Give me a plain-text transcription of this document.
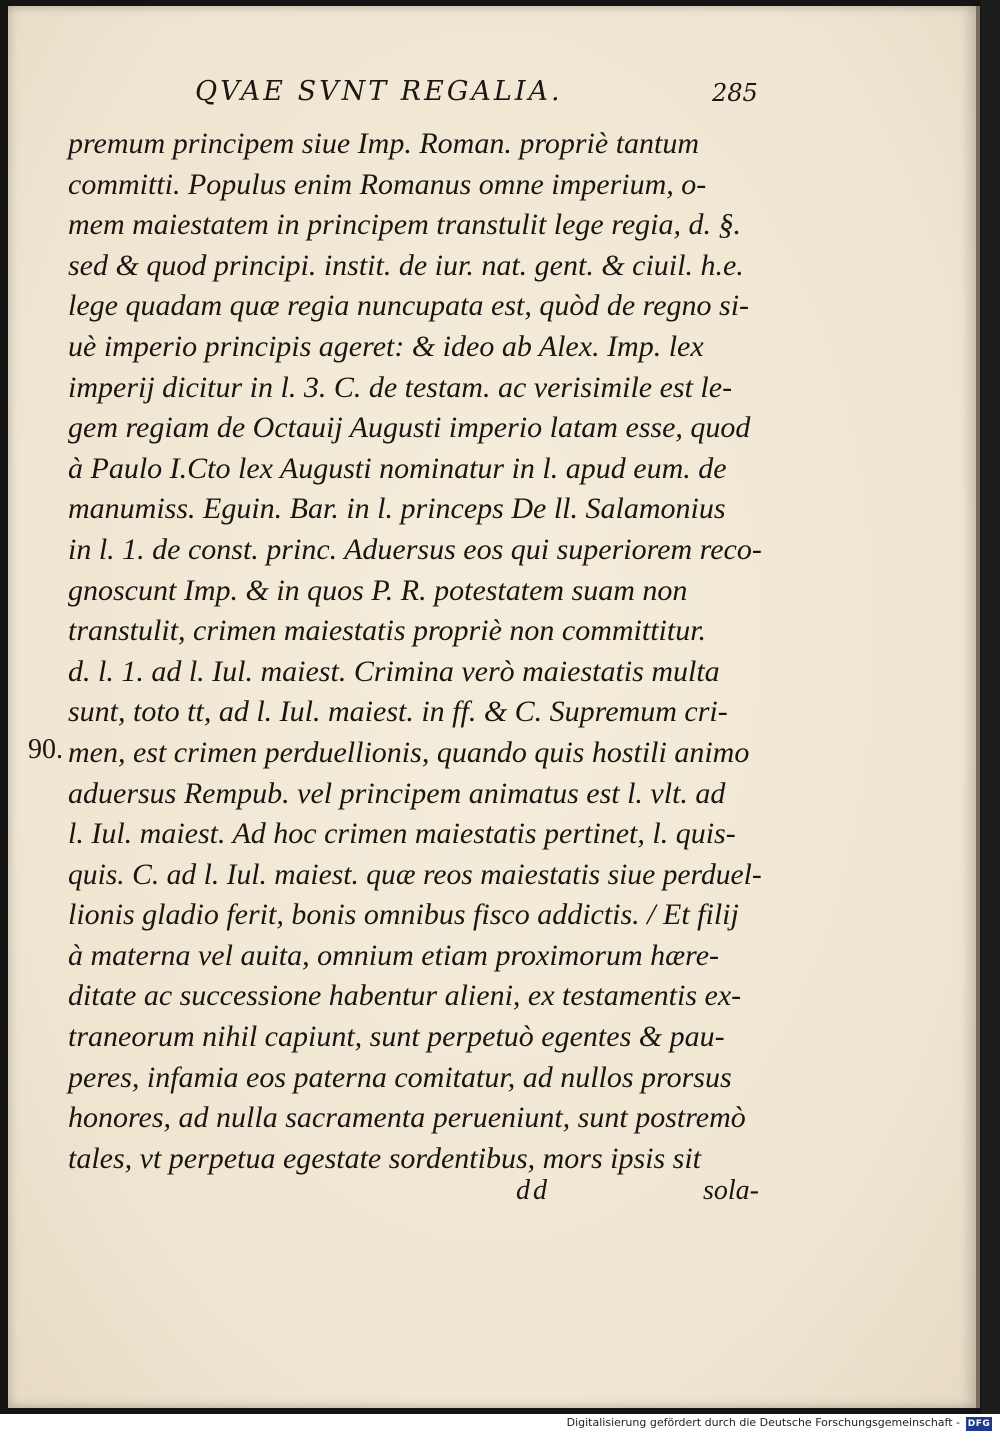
QVAE SVNT REGALIA.	285
90.
premum principem siue Imp. Roman. propriè tantum
committi. Populus enim Romanus omne imperium, o-
mem maiestatem in principem transtulit lege regia, d. §.
sed & quod principi. instit. de iur. nat. gent. & ciuil. h.e.
lege quadam quæ regia nuncupata est, quòd de regno si-
uè imperio principis ageret: & ideo ab Alex. Imp. lex
imperij dicitur in l. 3. C. de testam. ac verisimile est le-
gem regiam de Octauij Augusti imperio latam esse, quod
à Paulo I.Cto lex Augusti nominatur in l. apud eum. de
manumiss. Eguin. Bar. in l. princeps De ll. Salamonius
in l. 1. de const. princ. Aduersus eos qui superiorem reco-
gnoscunt Imp. & in quos P. R. potestatem suam non
transtulit, crimen maiestatis propriè non committitur.
d. l. 1. ad l. Iul. maiest. Crimina verò maiestatis multa
sunt, toto tt, ad l. Iul. maiest. in ff. & C. Supremum cri-
men, est crimen perduellionis, quando quis hostili animo
aduersus Rempub. vel principem animatus est l. vlt. ad
l. Iul. maiest. Ad hoc crimen maiestatis pertinet, l. quis-
quis. C. ad l. Iul. maiest. quæ reos maiestatis siue perduel-

lionis gladio ferit, bonis omnibus fisco addictis. / Et filij
à materna vel auita, omnium etiam proximorum hære-
ditate ac successione habentur alieni, ex testamentis ex-
traneorum nihil capiunt, sunt perpetuò egentes & pau-
peres, infamia eos paterna comitatur, ad nullos prorsus
honores, ad nulla sacramenta perueniunt, sunt postremò
tales, vt perpetua egestate sordentibus, mors ipsis sit
dd	sola-
Digitalisierung gefördert durch die Deutsche Forschungsgemeinschaft - DFG
